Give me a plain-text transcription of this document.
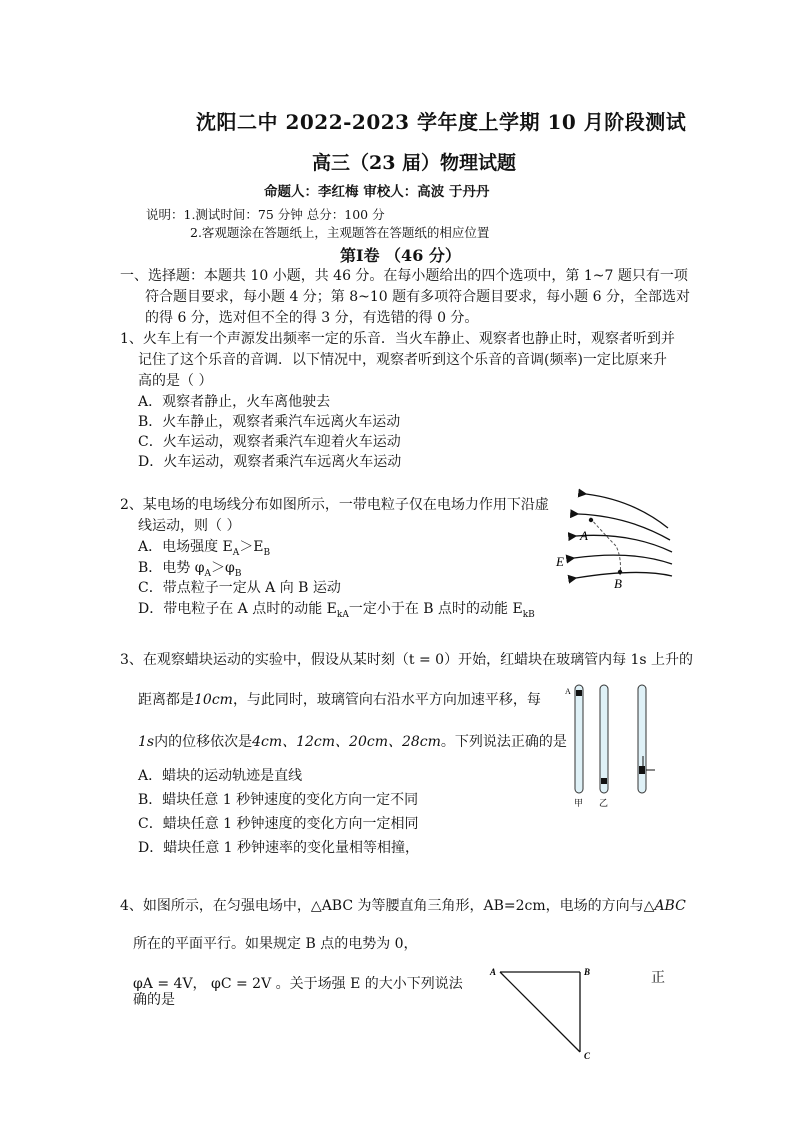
沈阳二中 2022-2023 学年度上学期 10 月阶段测试
高三（23 届）物理试题
命题人：李红梅 审校人：高波 于丹丹
说明：1.测试时间：75 分钟 总分：100 分
2.客观题涂在答题纸上，主观题答在答题纸的相应位置
第Ⅰ卷 （46 分）
一、选择题：本题共 10 小题，共 46 分。在每小题给出的四个选项中，第 1~7 题只有一项
符合题目要求，每小题 4 分；第 8~10 题有多项符合题目要求，每小题 6 分，全部选对
的得 6 分，选对但不全的得 3 分，有选错的得 0 分。
1、火车上有一个声源发出频率一定的乐音．当火车静止、观察者也静止时，观察者听到并
记住了这个乐音的音调．以下情况中，观察者听到这个乐音的音调(频率)一定比原来升
高的是（ ）
A．观察者静止，火车离他驶去
B．火车静止，观察者乘汽车远离火车运动
C．火车运动，观察者乘汽车迎着火车运动
D．火车运动，观察者乘汽车远离火车运动
2、某电场的电场线分布如图所示，一带电粒子仅在电场力作用下沿虚
线运动，则（ ）
A．电场强度 $E_A>E_B$
B．电势 $\varphi_A>\varphi_B$
C．带点粒子一定从 A 向 B 运动
D．带电粒子在 A 点时的动能 $E_{kA}$一定小于在 B 点时的动能 $E_{kB}$
A
B
E
3、在观察蜡块运动的实验中，假设从某时刻（t = 0）开始，红蜡块在玻璃管内每 1s 上升的
距离都是10cm，与此同时，玻璃管向右沿水平方向加速平移，每
1s内的位移依次是4cm、12cm、20cm、28cm。下列说法正确的是
A．蜡块的运动轨迹是直线
B．蜡块任意 1 秒钟速度的变化方向一定不同
C．蜡块任意 1 秒钟速度的变化方向一定相同
D．蜡块任意 1 秒钟速率的变化量相等相撞，
A
甲 乙
4、如图所示，在匀强电场中，△ABC 为等腰直角三角形，AB=2cm，电场的方向与△ABC
所在的平面平行。如果规定 B 点的电势为 0，
φA = 4V， φC = 2V 。关于场强 E 的大小下列说法	正
确的是
A	B
C
